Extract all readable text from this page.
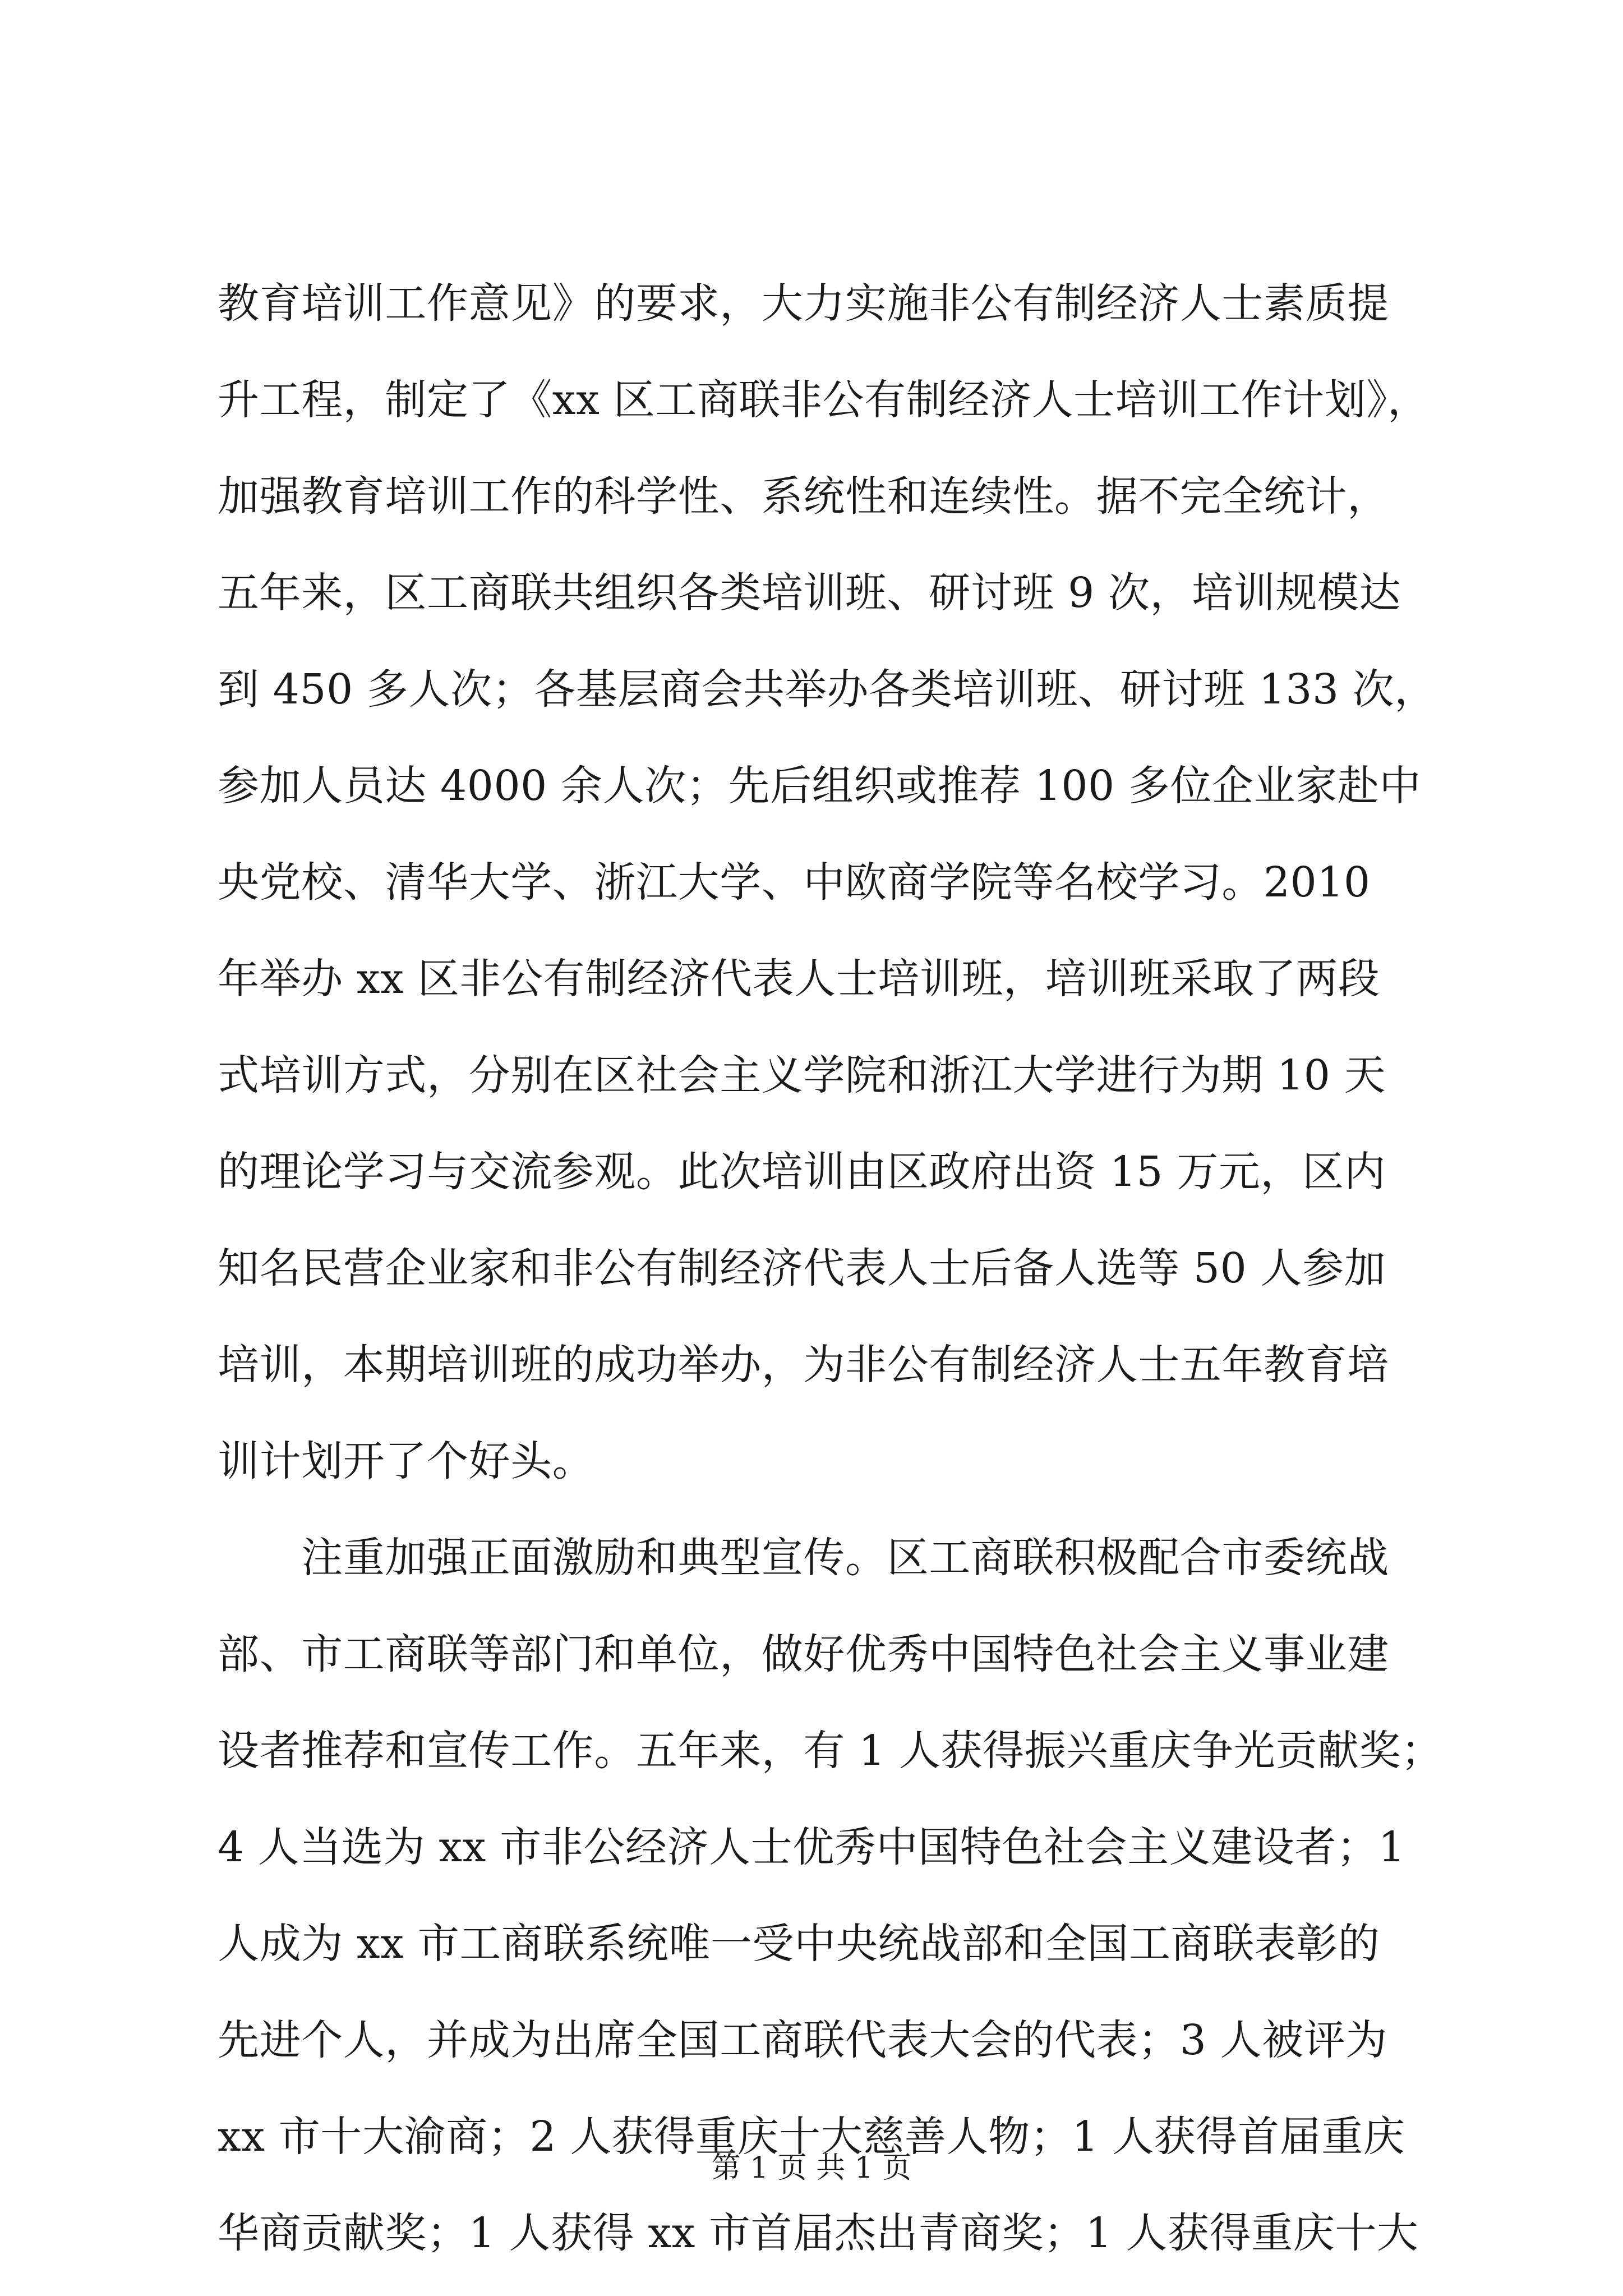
教育培训工作意见》的要求，大力实施非公有制经济人士素质提
升工程，制定了《xx 区工商联非公有制经济人士培训工作计划》，
加强教育培训工作的科学性、系统性和连续性。据不完全统计，
五年来，区工商联共组织各类培训班、研讨班 9 次，培训规模达
到 450 多人次；各基层商会共举办各类培训班、研讨班 133 次，
参加人员达 4000 余人次；先后组织或推荐 100 多位企业家赴中
央党校、清华大学、浙江大学、中欧商学院等名校学习。2010
年举办 xx 区非公有制经济代表人士培训班，培训班采取了两段
式培训方式，分别在区社会主义学院和浙江大学进行为期 10 天
的理论学习与交流参观。此次培训由区政府出资 15 万元，区内
知名民营企业家和非公有制经济代表人士后备人选等 50 人参加
培训，本期培训班的成功举办，为非公有制经济人士五年教育培
训计划开了个好头。
　　注重加强正面激励和典型宣传。区工商联积极配合市委统战
部、市工商联等部门和单位，做好优秀中国特色社会主义事业建
设者推荐和宣传工作。五年来，有 1 人获得振兴重庆争光贡献奖；
4 人当选为 xx 市非公经济人士优秀中国特色社会主义建设者；1
人成为 xx 市工商联系统唯一受中央统战部和全国工商联表彰的
先进个人，并成为出席全国工商联代表大会的代表；3 人被评为
xx 市十大渝商；2 人获得重庆十大慈善人物；1 人获得首届重庆
华商贡献奖；1 人获得 xx 市首届杰出青商奖；1 人获得重庆十大
第 1 页 共 1 页
